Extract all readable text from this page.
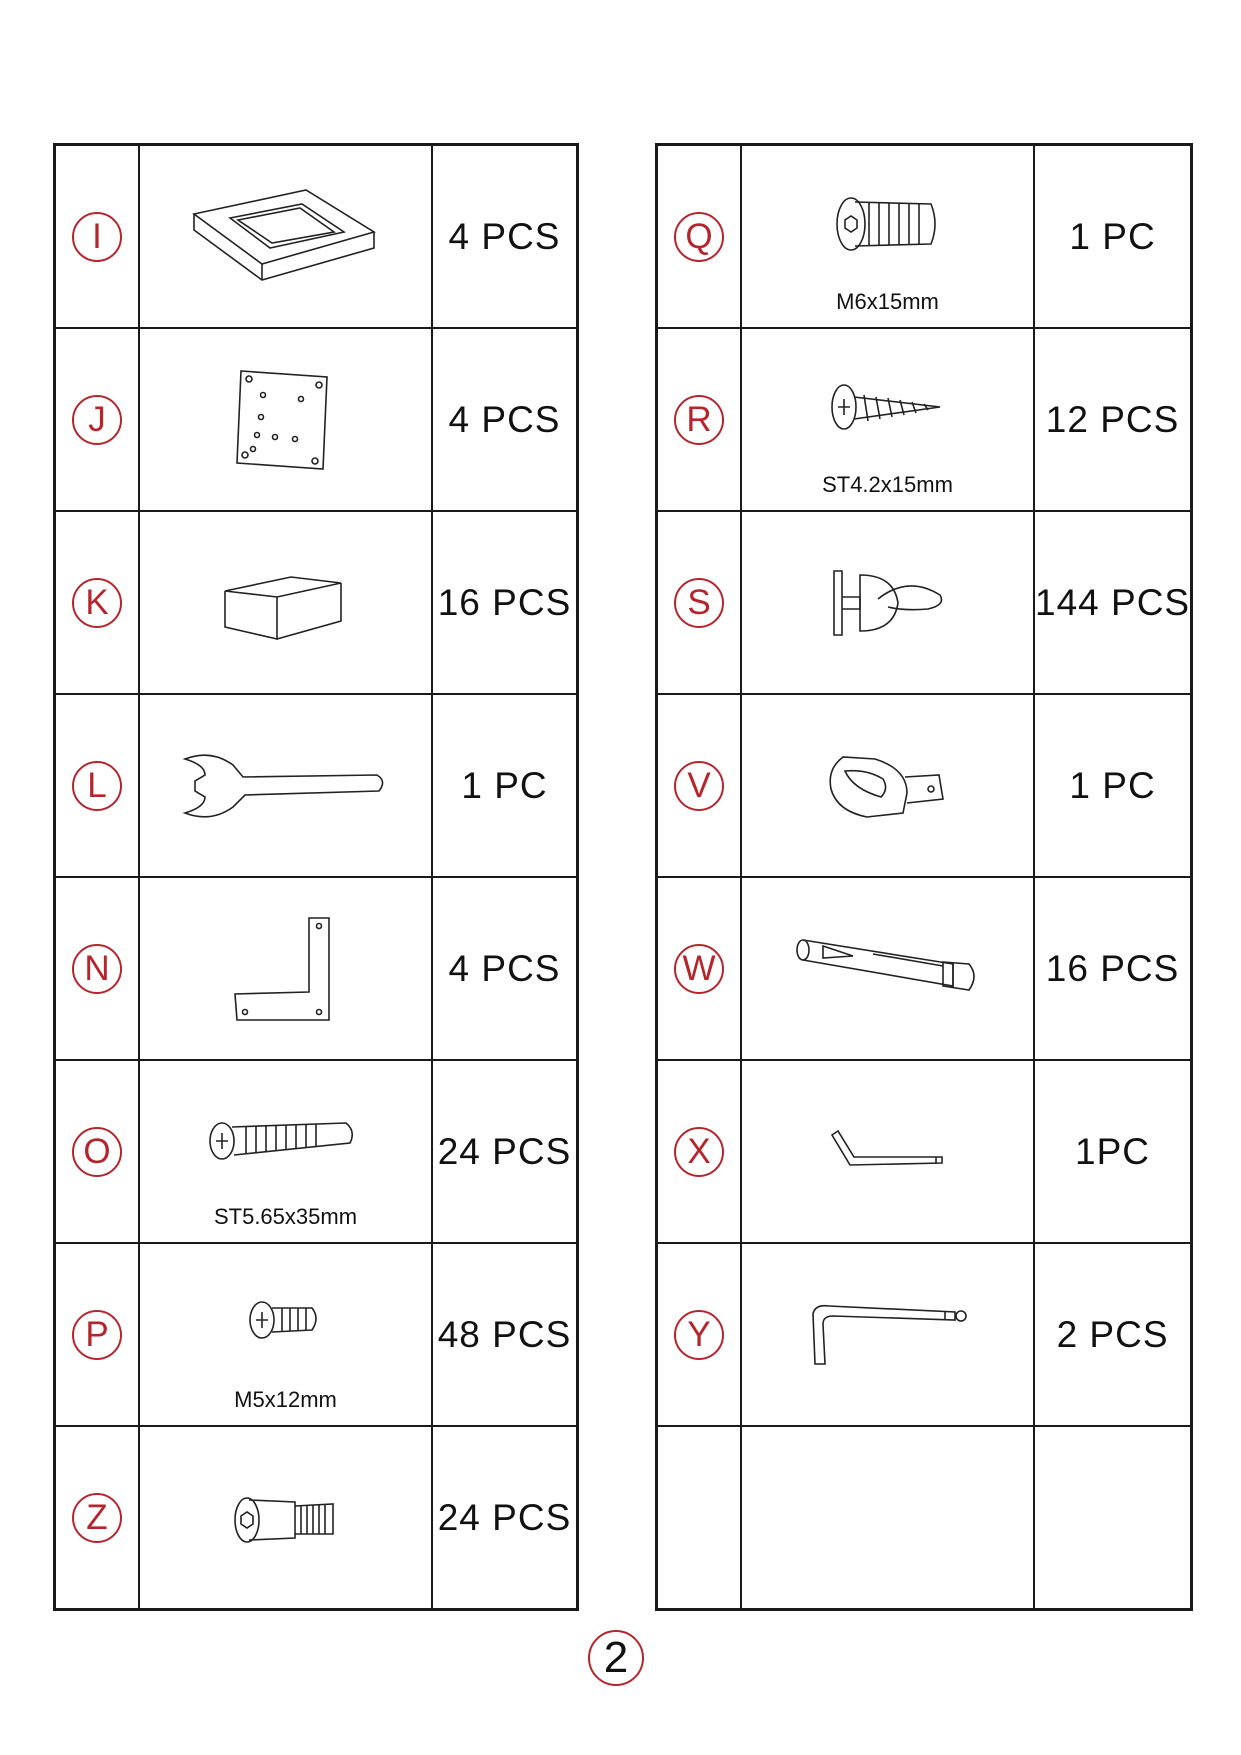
I		4 PCS
J		4 PCS
K		16 PCS
L		1 PC
N		4 PCS
O	ST5.65x35mm	24 PCS
P	M5x12mm	48 PCS
Z		24 PCS
Q	M6x15mm	1 PC
R	ST4.2x15mm	12 PCS
S		144 PCS
V		1 PC
W		16 PCS
X		1PC
Y		2 PCS

2
